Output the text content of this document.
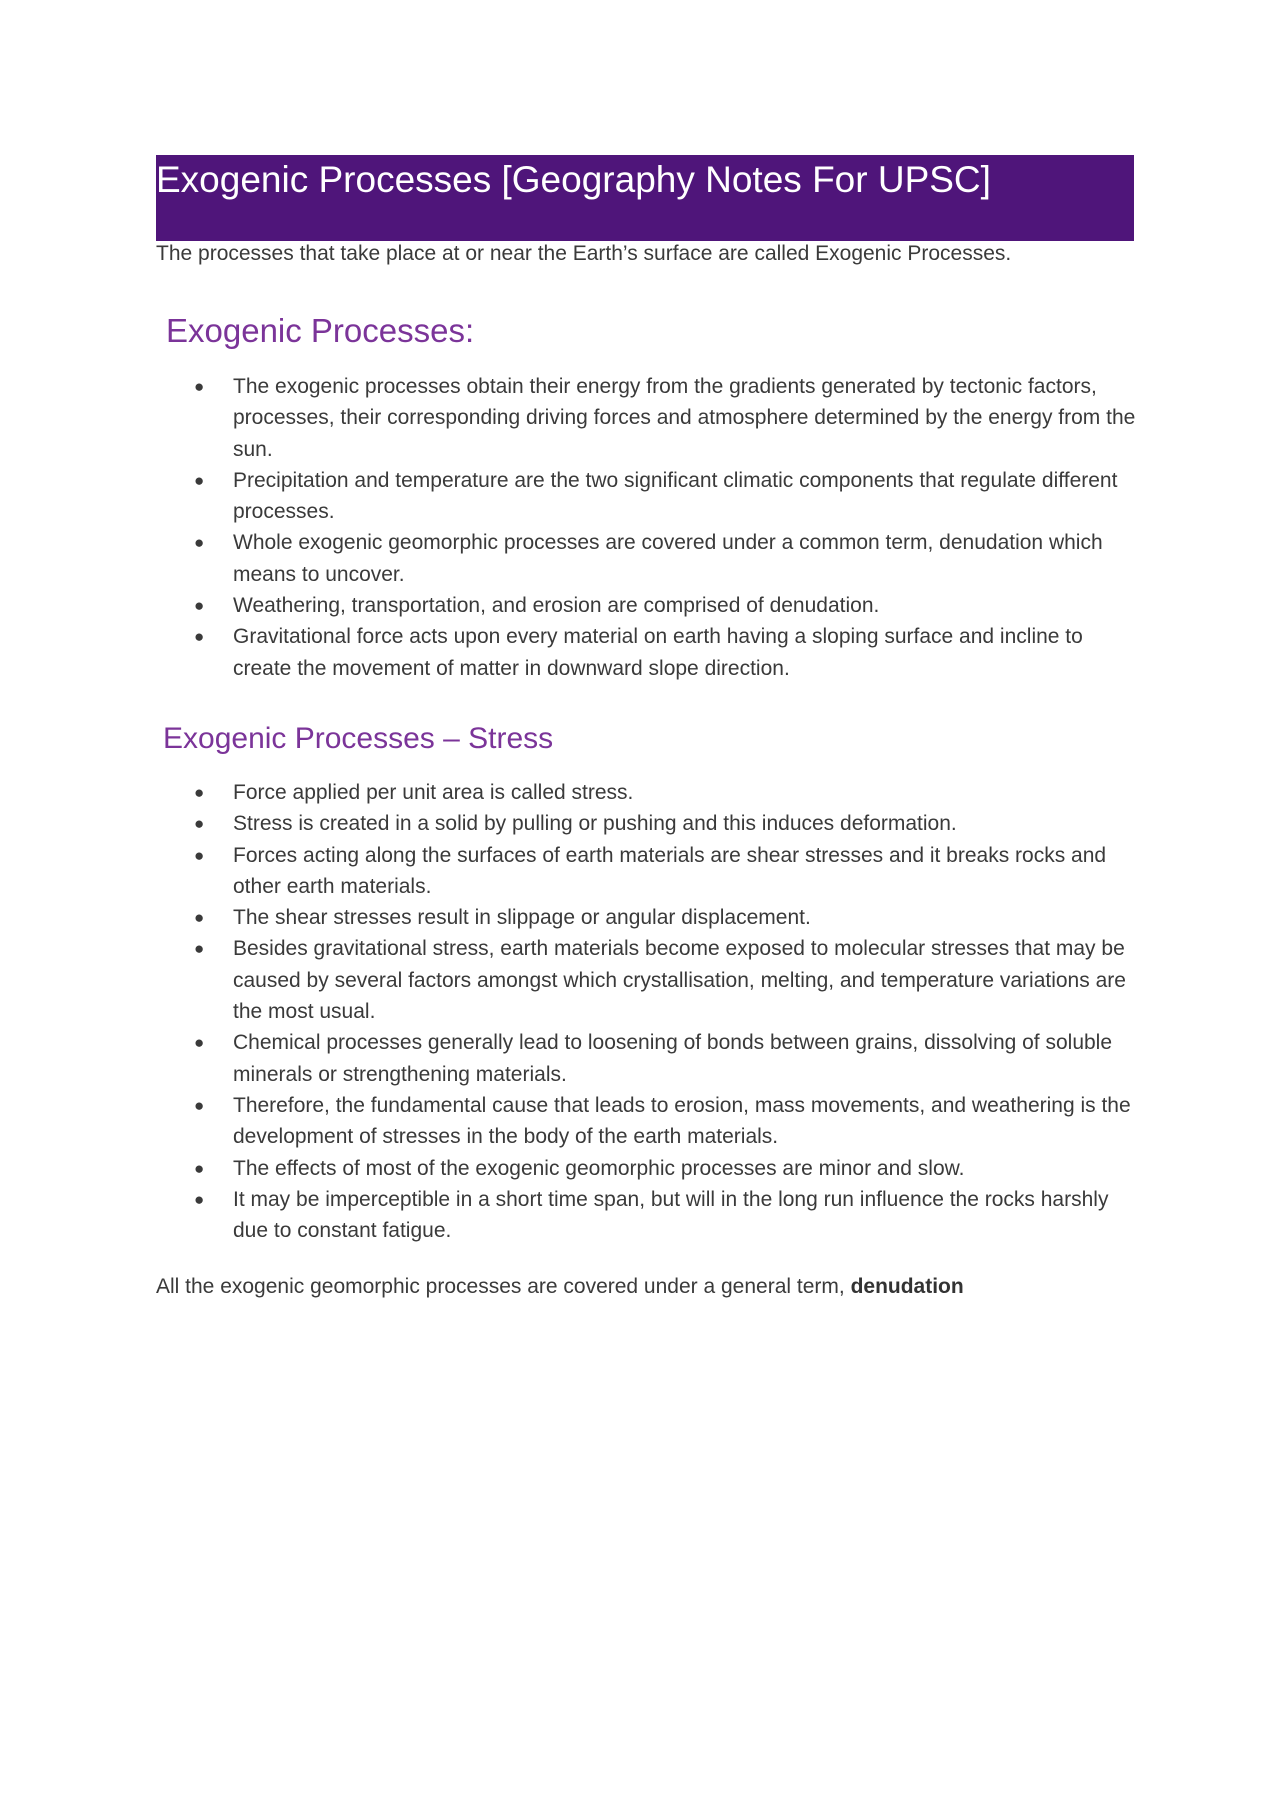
Exogenic Processes [Geography Notes For UPSC]

The processes that take place at or near the Earth’s surface are called Exogenic Processes.

Exogenic Processes:
● The exogenic processes obtain their energy from the gradients generated by tectonic factors, processes, their corresponding driving forces and atmosphere determined by the energy from the sun.
● Precipitation and temperature are the two significant climatic components that regulate different processes.
● Whole exogenic geomorphic processes are covered under a common term, denudation which means to uncover.
● Weathering, transportation, and erosion are comprised of denudation.
● Gravitational force acts upon every material on earth having a sloping surface and incline to create the movement of matter in downward slope direction.
Exogenic Processes – Stress
● Force applied per unit area is called stress.
● Stress is created in a solid by pulling or pushing and this induces deformation.
● Forces acting along the surfaces of earth materials are shear stresses and it breaks rocks and other earth materials.
● The shear stresses result in slippage or angular displacement.
● Besides gravitational stress, earth materials become exposed to molecular stresses that may be caused by several factors amongst which crystallisation, melting, and temperature variations are the most usual.
● Chemical processes generally lead to loosening of bonds between grains, dissolving of soluble minerals or strengthening materials.
● Therefore, the fundamental cause that leads to erosion, mass movements, and weathering is the development of stresses in the body of the earth materials.
● The effects of most of the exogenic geomorphic processes are minor and slow.
● It may be imperceptible in a short time span, but will in the long run influence the rocks harshly due to constant fatigue.

All the exogenic geomorphic processes are covered under a general term, denudation
